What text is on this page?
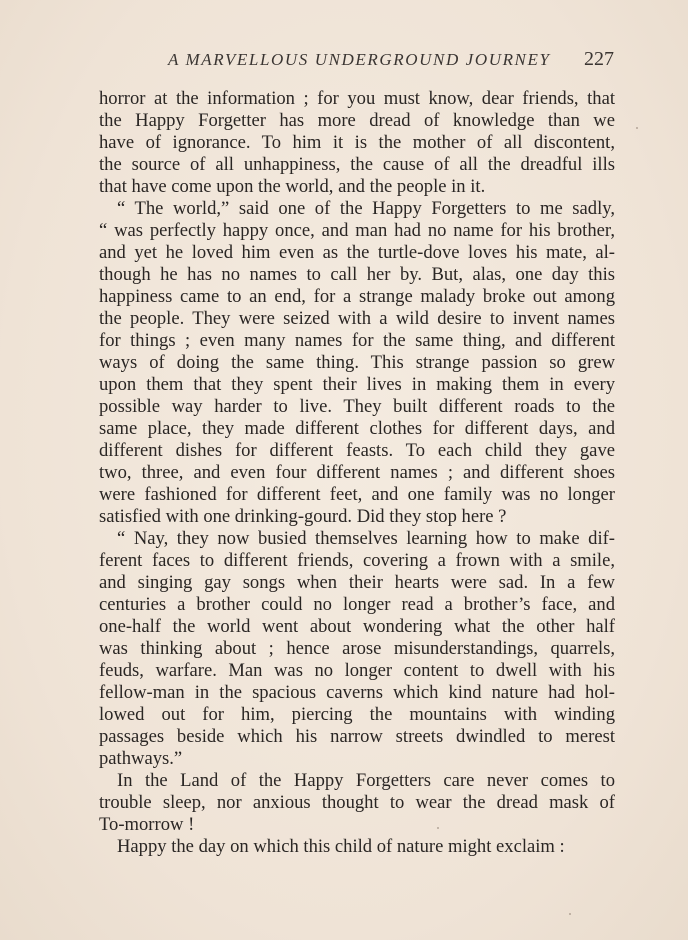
A MARVELLOUS UNDERGROUND JOURNEY 227
horror at the information ; for you must know, dear friends, that
the Happy Forgetter has more dread of knowledge than we
have of ignorance. To him it is the mother of all discontent,
the source of all unhappiness, the cause of all the dreadful ills
that have come upon the world, and the people in it.
“ The world,” said one of the Happy Forgetters to me sadly,
“ was perfectly happy once, and man had no name for his brother,
and yet he loved him even as the turtle-dove loves his mate, al-
though he has no names to call her by. But, alas, one day this
happiness came to an end, for a strange malady broke out among
the people. They were seized with a wild desire to invent names
for things ; even many names for the same thing, and different
ways of doing the same thing. This strange passion so grew
upon them that they spent their lives in making them in every
possible way harder to live. They built different roads to the
same place, they made different clothes for different days, and
different dishes for different feasts. To each child they gave
two, three, and even four different names ; and different shoes
were fashioned for different feet, and one family was no longer
satisfied with one drinking-gourd. Did they stop here ?
“ Nay, they now busied themselves learning how to make dif-
ferent faces to different friends, covering a frown with a smile,
and singing gay songs when their hearts were sad. In a few
centuries a brother could no longer read a brother’s face, and
one-half the world went about wondering what the other half
was thinking about ; hence arose misunderstandings, quarrels,
feuds, warfare. Man was no longer content to dwell with his
fellow-man in the spacious caverns which kind nature had hol-
lowed out for him, piercing the mountains with winding
passages beside which his narrow streets dwindled to merest
pathways.”
In the Land of the Happy Forgetters care never comes to
trouble sleep, nor anxious thought to wear the dread mask of
To-morrow !
Happy the day on which this child of nature might exclaim :
